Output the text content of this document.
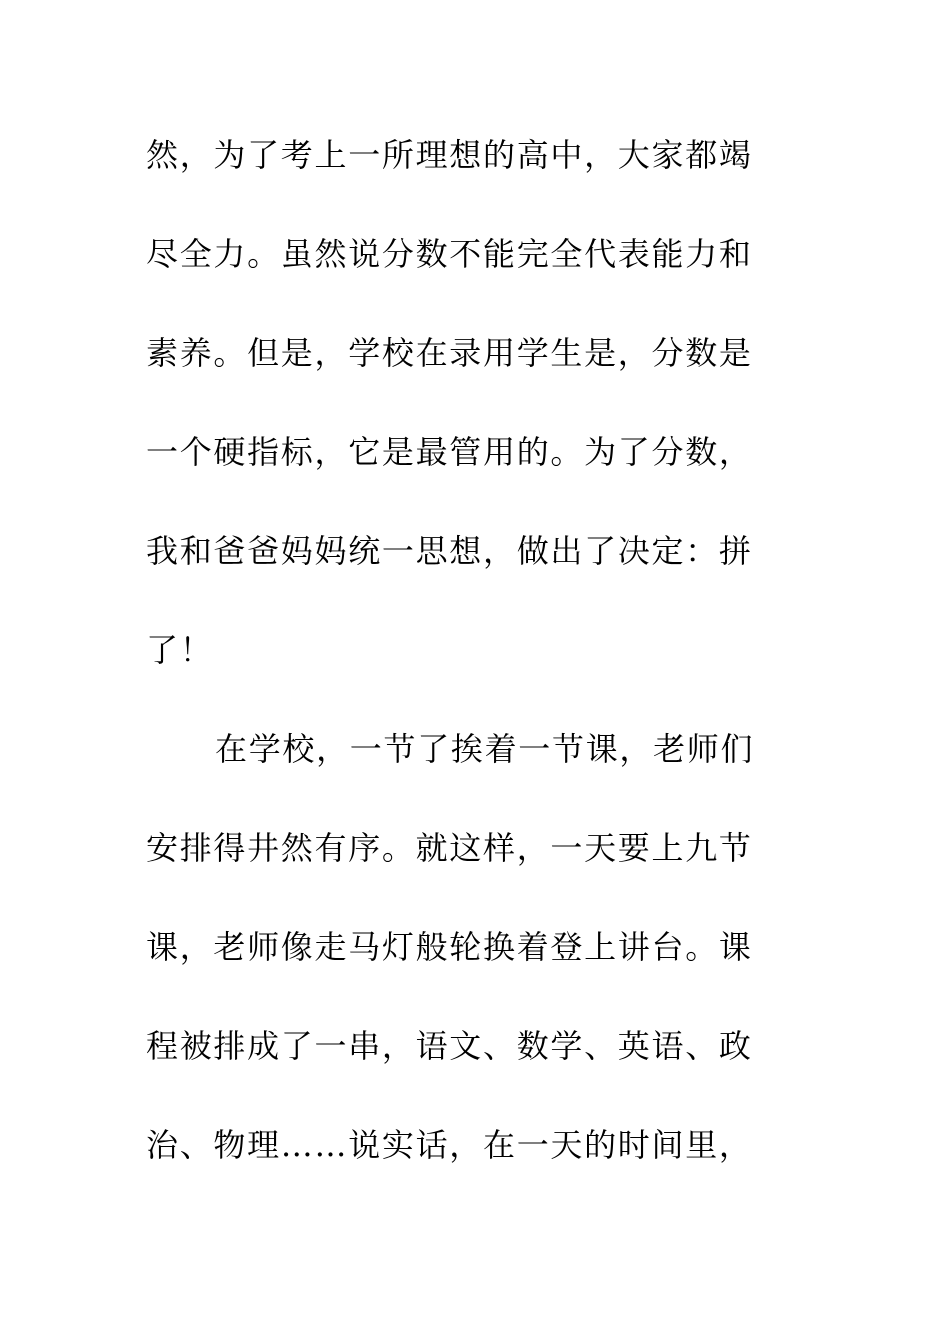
然，为了考上一所理想的高中，大家都竭
尽全力。虽然说分数不能完全代表能力和
素养。但是，学校在录用学生是，分数是
一个硬指标，它是最管用的。为了分数，
我和爸爸妈妈统一思想，做出了决定：拼
了！
在学校，一节了挨着一节课，老师们
安排得井然有序。就这样，一天要上九节
课，老师像走马灯般轮换着登上讲台。课
程被排成了一串，语文、数学、英语、政
治、物理……说实话，在一天的时间里，
